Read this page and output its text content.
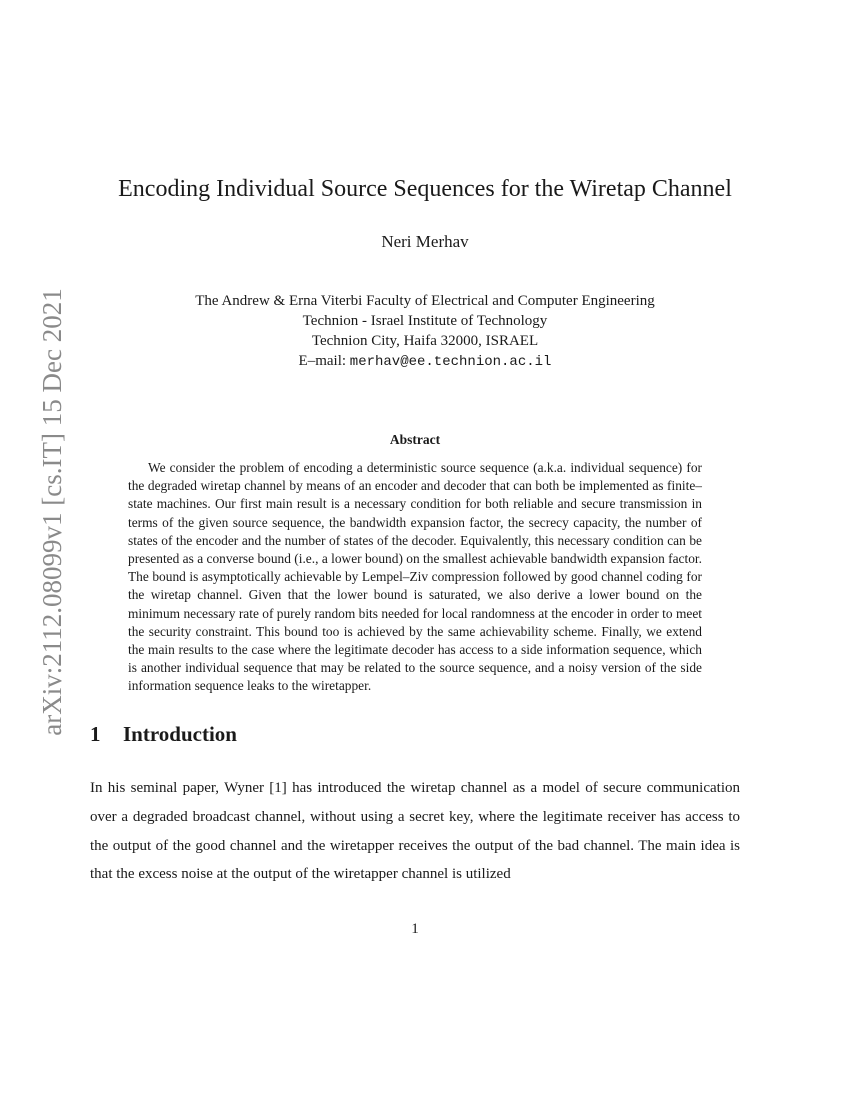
arXiv:2112.08099v1 [cs.IT] 15 Dec 2021
Encoding Individual Source Sequences for the Wiretap Channel
Neri Merhav
The Andrew & Erna Viterbi Faculty of Electrical and Computer Engineering
Technion - Israel Institute of Technology
Technion City, Haifa 32000, ISRAEL
E–mail: merhav@ee.technion.ac.il
Abstract
We consider the problem of encoding a deterministic source sequence (a.k.a. individual sequence) for the degraded wiretap channel by means of an encoder and decoder that can both be implemented as finite–state machines. Our first main result is a necessary condition for both reliable and secure transmission in terms of the given source sequence, the bandwidth expansion factor, the secrecy capacity, the number of states of the encoder and the number of states of the decoder. Equivalently, this necessary condition can be presented as a converse bound (i.e., a lower bound) on the smallest achievable bandwidth expansion factor. The bound is asymptotically achievable by Lempel–Ziv compression followed by good channel coding for the wiretap channel. Given that the lower bound is saturated, we also derive a lower bound on the minimum necessary rate of purely random bits needed for local randomness at the encoder in order to meet the security constraint. This bound too is achieved by the same achievability scheme. Finally, we extend the main results to the case where the legitimate decoder has access to a side information sequence, which is another individual sequence that may be related to the source sequence, and a noisy version of the side information sequence leaks to the wiretapper.
1 Introduction
In his seminal paper, Wyner [1] has introduced the wiretap channel as a model of secure communication over a degraded broadcast channel, without using a secret key, where the legitimate receiver has access to the output of the good channel and the wiretapper receives the output of the bad channel. The main idea is that the excess noise at the output of the wiretapper channel is utilized
1
